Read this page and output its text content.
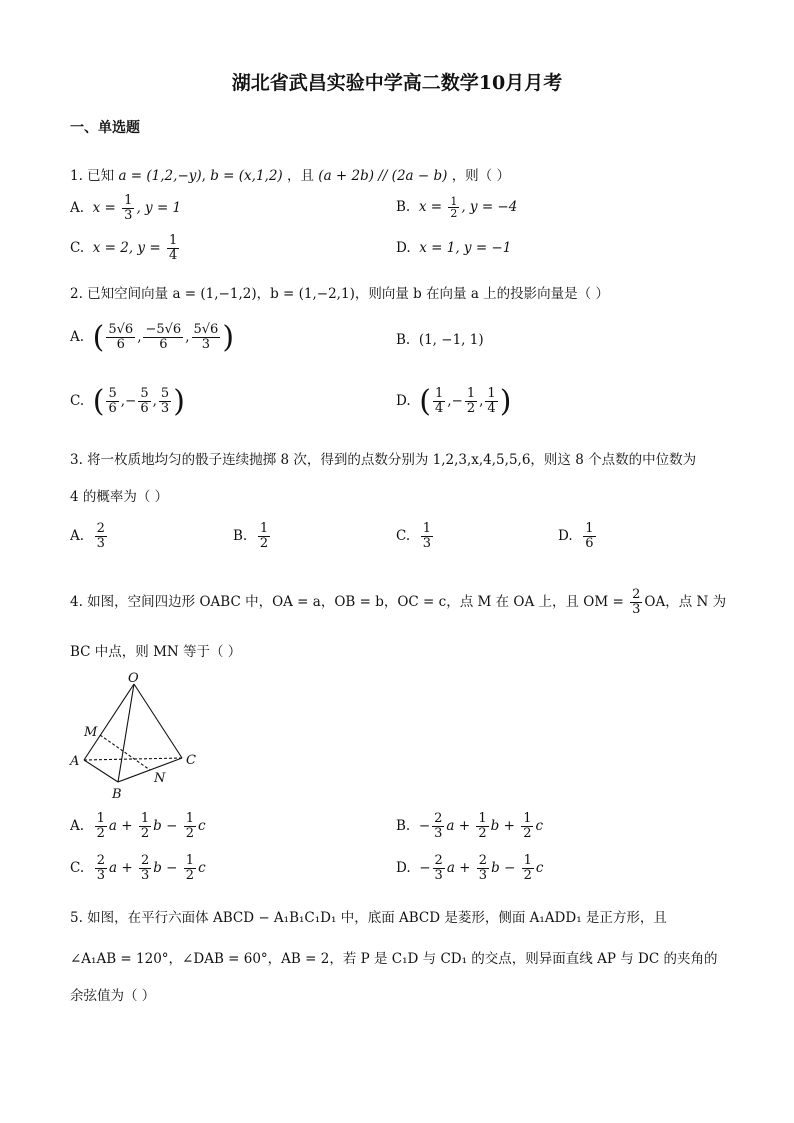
湖北省武昌实验中学高二数学10月月考
一、单选题
1. 已知 a = (1,2,−y), b = (x,1,2) ，且 (a + 2b) // (2a − b) ，则（ ）
A. $x = \frac{1}{3}$ , y = 1	B. $x = \frac{1}{2}$ , y = −4
C. x = 2, $y = \frac{1}{4}$	D. x = 1, y = −1
2. 已知空间向量 a = (1,−1,2)，b = (1,−2,1)，则向量 b 在向量 a 上的投影向量是（ ）
A. ( $\frac{5√6}{6}$ , $\frac{-5√6}{6}$ , $\frac{5√6}{3}$ )	B. (1, −1, 1)
C. ( $\frac{5}{6}$ ,− $\frac{5}{6}$ , $\frac{5}{3}$ )	D. ( $\frac{1}{4}$ ,− $\frac{1}{2}$ , $\frac{1}{4}$ )
3. 将一枚质地均匀的骰子连续抛掷 8 次，得到的点数分别为 1,2,3,x,4,5,5,6，则这 8 个点数的中位数为
4 的概率为（ ）
A. $\frac{2}{3}$	B. $\frac{1}{2}$	C. $\frac{1}{3}$	D. $\frac{1}{6}$
4. 如图，空间四边形 OABC 中，OA = a，OB = b，OC = c，点 M 在 OA 上，且 OM = $\frac{2}{3}$ OA，点 N 为
BC 中点，则 MN 等于（ ）
O
M
A	C
N
B
A. $\frac{1}{2}$ $a + \frac{1}{2}$ $b - \frac{1}{2}$ c	B. − $\frac{2}{3}$ $a + \frac{1}{2}$ $b + \frac{1}{2}$ c
C. $\frac{2}{3}$ $a + \frac{2}{3}$ $b - \frac{1}{2}$ c	D. − $\frac{2}{3}$ $a + \frac{2}{3}$ $b - \frac{1}{2}$ c
5. 如图，在平行六面体 ABCD − A₁B₁C₁D₁ 中，底面 ABCD 是菱形，侧面 A₁ADD₁ 是正方形，且
∠A₁AB = 120°，∠DAB = 60°，AB = 2，若 P 是 C₁D 与 CD₁ 的交点，则异面直线 AP 与 DC 的夹角的
余弦值为（ ）
